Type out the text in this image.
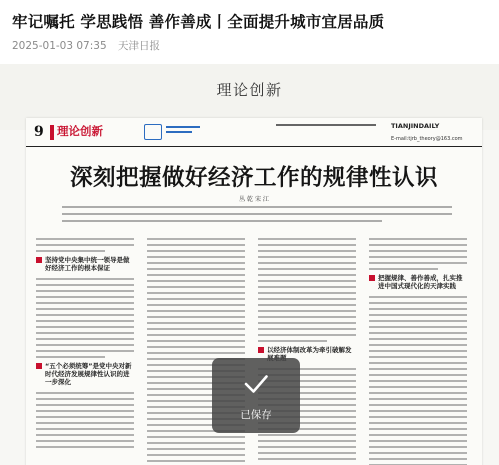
牢记嘱托 学思践悟 善作善成丨全面提升城市宜居品质
2025-01-03 07:35 天津日报
理论创新
9 理论创新	TIANJINDAILY
E-mail:tjrb_theory@163.com
深刻把握做好经济工作的规律性认识
丛 乾 宋 江
坚持党中央集中统一领导是做好经济工作的根本保证
“五个必须统筹”是党中央对新时代经济发展规律性认识的进一步深化
以经济体制改革为牵引破解发
把握规律、善作善成，扎实推进中国式现代化的天津实践
已保存
